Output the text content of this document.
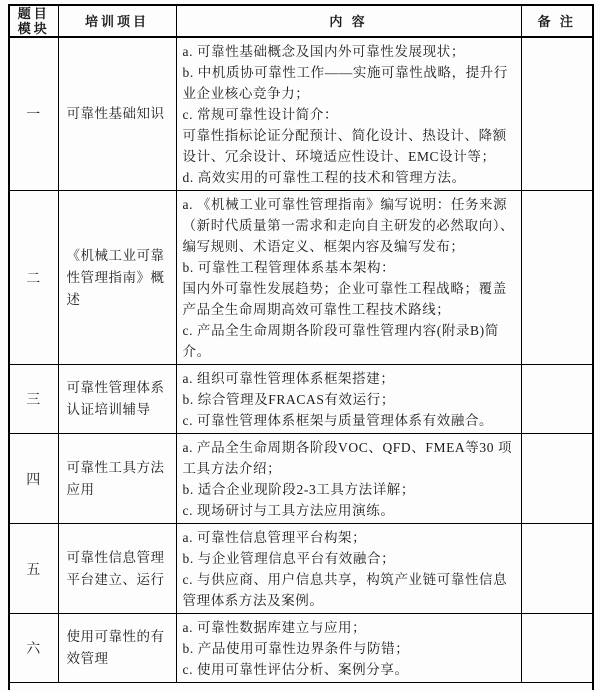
题目
模块	培训项目	内 容	备 注
一	可靠性基础知识	a. 可靠性基础概念及国内外可靠性发展现状；
b. 中机质协可靠性工作——实施可靠性战略，提升行业企业核心竞争力；
c. 常规可靠性设计简介：
可靠性指标论证分配预计、简化设计、热设计、降额设计、冗余设计、环境适应性设计、EMC设计等；
d. 高效实用的可靠性工程的技术和管理方法。	

二	《机械工业可靠性管理指南》概述	a. 《机械工业可靠性管理指南》编写说明：任务来源（新时代质量第一需求和走向自主研发的必然取向）、编写规则、术语定义、框架内容及编写发布；
b. 可靠性工程管理体系基本架构：
国内外可靠性发展趋势；企业可靠性工程战略；覆盖产品全生命周期高效可靠性工程技术路线；
c. 产品全生命周期各阶段可靠性管理内容(附录B)简介。	

三	可靠性管理体系认证培训辅导	a. 组织可靠性管理体系框架搭建；
b. 综合管理及FRACAS有效运行；
c. 可靠性管理体系框架与质量管理体系有效融合。	

四	可靠性工具方法应用	a. 产品全生命周期各阶段VOC、QFD、FMEA等30 项工具方法介绍；
b. 适合企业现阶段2-3工具方法详解；
c. 现场研讨与工具方法应用演练。	

五	可靠性信息管理平台建立、运行	a. 可靠性信息管理平台构架；
b. 与企业管理信息平台有效融合；
c. 与供应商、用户信息共享，构筑产业链可靠性信息管理体系方法及案例。	

六	使用可靠性的有效管理	a. 可靠性数据库建立与应用；
b. 产品使用可靠性边界条件与防错；
c. 使用可靠性评估分析、案例分享。	
